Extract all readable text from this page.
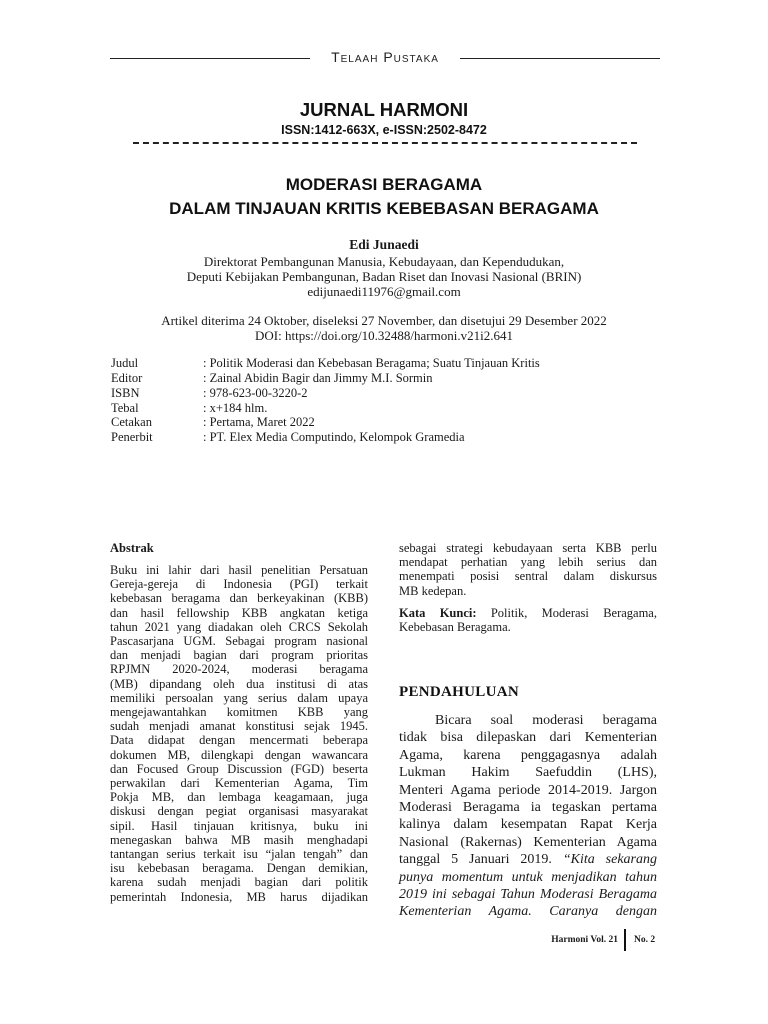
Telaah Pustaka
JURNAL HARMONI
ISSN:1412-663X, e-ISSN:2502-8472
MODERASI BERAGAMA
DALAM TINJAUAN KRITIS KEBEBASAN BERAGAMA
Edi Junaedi
Direktorat Pembangunan Manusia, Kebudayaan, dan Kependudukan,
Deputi Kebijakan Pembangunan, Badan Riset dan Inovasi Nasional (BRIN)
edijunaedi11976@gmail.com
Artikel diterima 24 Oktober, diseleksi 27 November, dan disetujui 29 Desember 2022
DOI: https://doi.org/10.32488/harmoni.v21i2.641
Judul	: Politik Moderasi dan Kebebasan Beragama; Suatu Tinjauan Kritis
Editor	: Zainal Abidin Bagir dan Jimmy M.I. Sormin
ISBN	: 978-623-00-3220-2
Tebal	: x+184 hlm.
Cetakan	: Pertama, Maret 2022
Penerbit	: PT. Elex Media Computindo, Kelompok Gramedia
Abstrak

Buku ini lahir dari hasil penelitian Persatuan

Gereja-gereja di Indonesia (PGI) terkait

kebebasan beragama dan berkeyakinan (KBB)

dan hasil fellowship KBB angkatan ketiga

tahun 2021 yang diadakan oleh CRCS Sekolah

Pascasarjana UGM. Sebagai program nasional

dan menjadi bagian dari program prioritas

RPJMN 2020-2024, moderasi beragama

(MB) dipandang oleh dua institusi di atas

memiliki persoalan yang serius dalam upaya

mengejawantahkan komitmen KBB yang

sudah menjadi amanat konstitusi sejak 1945.

Data didapat dengan mencermati beberapa

dokumen MB, dilengkapi dengan wawancara

dan Focused Group Discussion (FGD) beserta

perwakilan dari Kementerian Agama, Tim

Pokja MB, dan lembaga keagamaan, juga

diskusi dengan pegiat organisasi masyarakat

sipil. Hasil tinjauan kritisnya, buku ini

menegaskan bahwa MB masih menghadapi

tantangan serius terkait isu “jalan tengah” dan

isu kebebasan beragama. Dengan demikian,

karena sudah menjadi bagian dari politik

pemerintah Indonesia, MB harus dijadikan

sebagai strategi kebudayaan serta KBB perlu

mendapat perhatian yang lebih serius dan

menempati posisi sentral dalam diskursus

MB kedepan.

Kata Kunci: Politik, Moderasi Beragama,

Kebebasan Beragama.

PENDAHULUAN

Bicara soal moderasi beragama

tidak bisa dilepaskan dari Kementerian

Agama, karena penggagasnya adalah

Lukman Hakim Saefuddin (LHS),

Menteri Agama periode 2014-2019. Jargon

Moderasi Beragama ia tegaskan pertama

kalinya dalam kesempatan Rapat Kerja

Nasional (Rakernas) Kementerian Agama

tanggal 5 Januari 2019. “Kita sekarang

punya momentum untuk menjadikan tahun

2019 ini sebagai Tahun Moderasi Beragama

Kementerian Agama. Caranya dengan

Harmoni Vol. 21 No. 2
